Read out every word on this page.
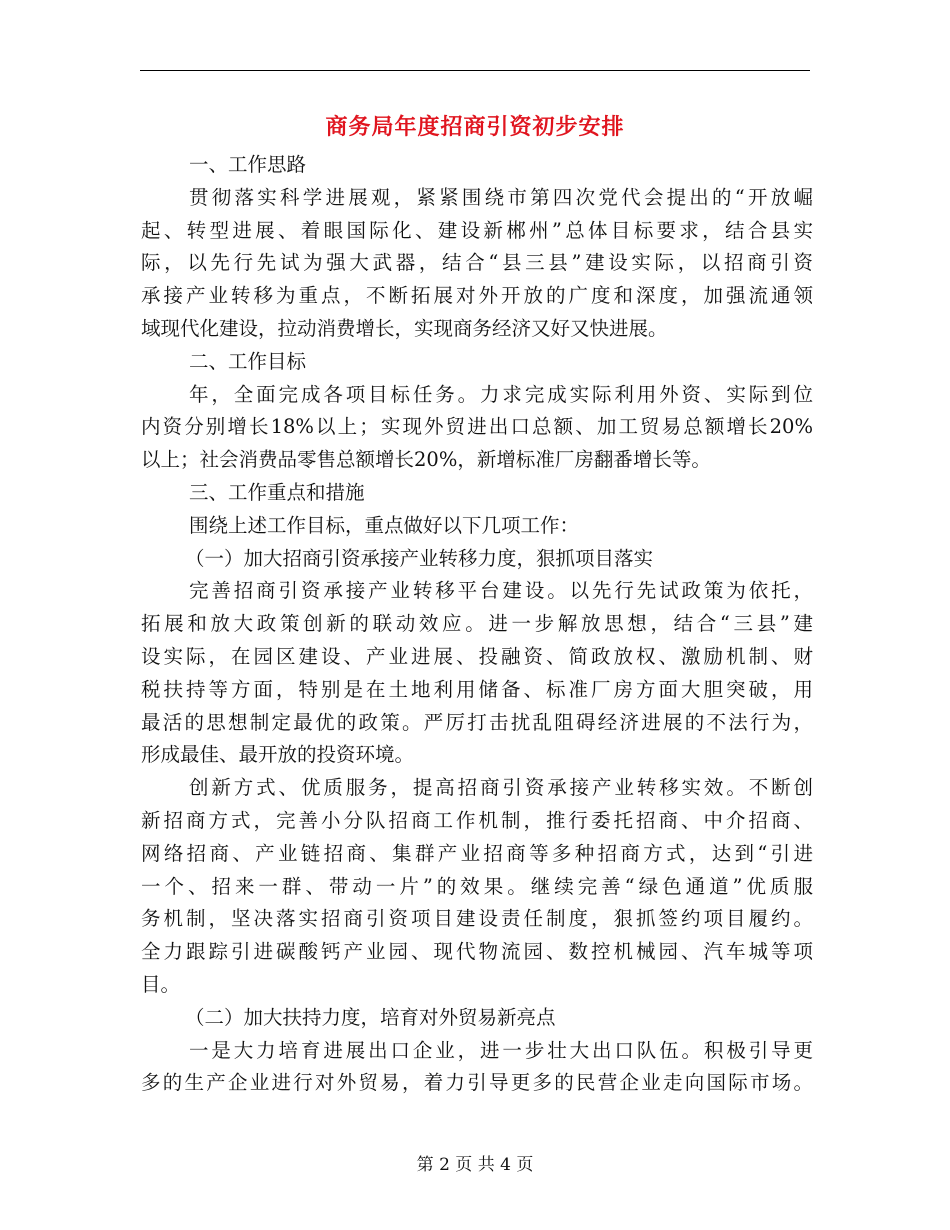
商务局年度招商引资初步安排
一、工作思路
贯彻落实科学进展观，紧紧围绕市第四次党代会提出的“开放崛
起、转型进展、着眼国际化、建设新郴州”总体目标要求，结合县实
际，以先行先试为强大武器，结合“县三县”建设实际，以招商引资
承接产业转移为重点，不断拓展对外开放的广度和深度，加强流通领
域现代化建设，拉动消费增长，实现商务经济又好又快进展。
二、工作目标
年，全面完成各项目标任务。力求完成实际利用外资、实际到位
内资分别增长18%以上；实现外贸进出口总额、加工贸易总额增长20%
以上；社会消费品零售总额增长20%，新增标准厂房翻番增长等。
三、工作重点和措施
围绕上述工作目标，重点做好以下几项工作：
（一）加大招商引资承接产业转移力度，狠抓项目落实
完善招商引资承接产业转移平台建设。以先行先试政策为依托，
拓展和放大政策创新的联动效应。进一步解放思想，结合“三县”建
设实际，在园区建设、产业进展、投融资、简政放权、激励机制、财
税扶持等方面，特别是在土地利用储备、标准厂房方面大胆突破，用
最活的思想制定最优的政策。严厉打击扰乱阻碍经济进展的不法行为，
形成最佳、最开放的投资环境。
创新方式、优质服务，提高招商引资承接产业转移实效。不断创
新招商方式，完善小分队招商工作机制，推行委托招商、中介招商、
网络招商、产业链招商、集群产业招商等多种招商方式，达到“引进
一个、招来一群、带动一片”的效果。继续完善“绿色通道”优质服
务机制，坚决落实招商引资项目建设责任制度，狠抓签约项目履约。
全力跟踪引进碳酸钙产业园、现代物流园、数控机械园、汽车城等项
目。
（二）加大扶持力度，培育对外贸易新亮点
一是大力培育进展出口企业，进一步壮大出口队伍。积极引导更
多的生产企业进行对外贸易，着力引导更多的民营企业走向国际市场。
第 2 页 共 4 页
